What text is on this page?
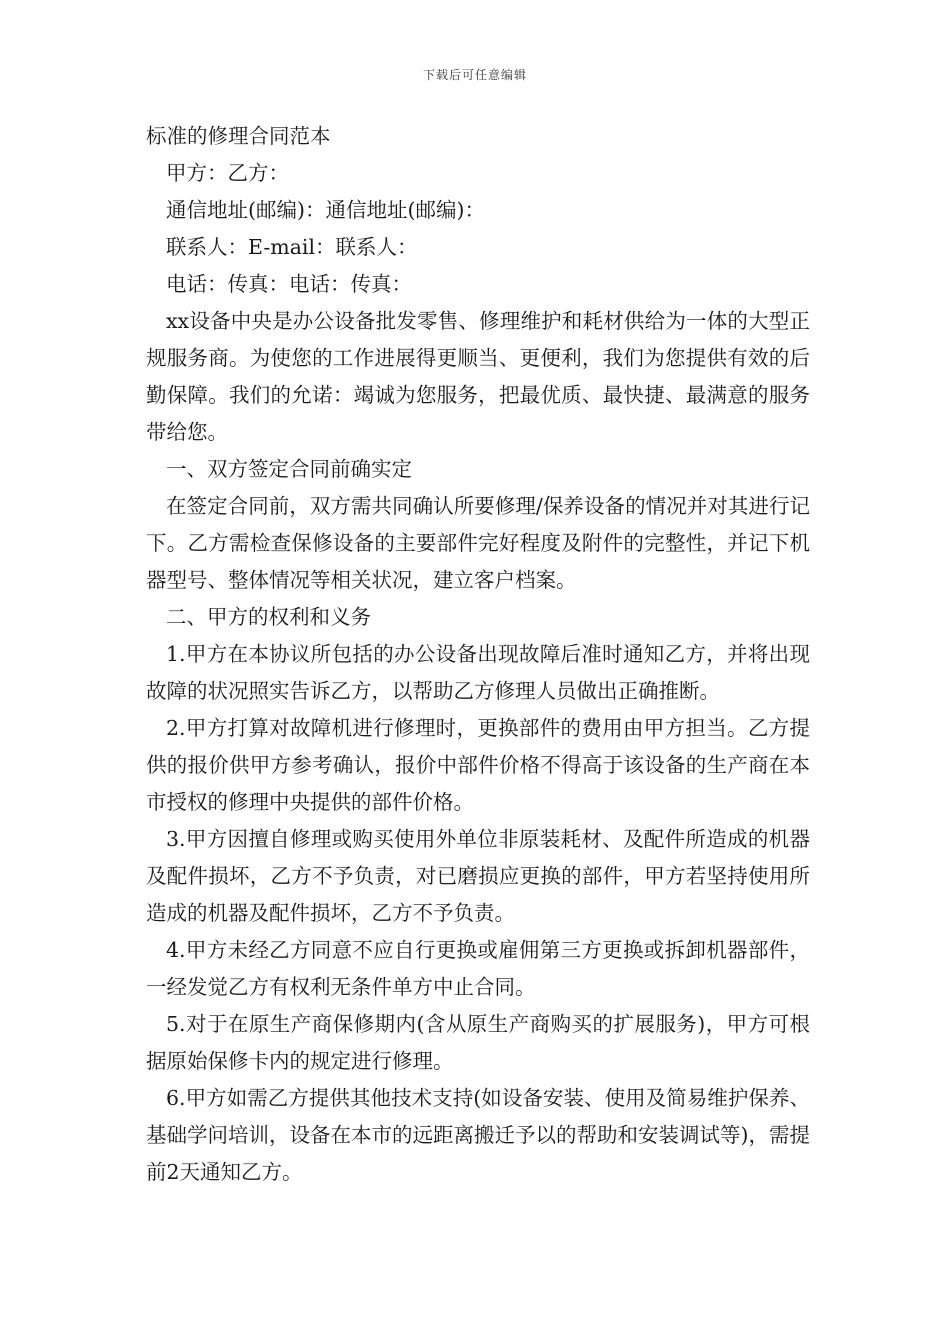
下载后可任意编辑

标准的修理合同范本

甲方：乙方：

通信地址(邮编)：通信地址(邮编)：

联系人：E-mail：联系人：

电话：传真：电话：传真：

xx设备中央是办公设备批发零售、修理维护和耗材供给为一体的大型正规服务商。为使您的工作进展得更顺当、更便利，我们为您提供有效的后勤保障。我们的允诺：竭诚为您服务，把最优质、最快捷、最满意的服务带给您。

一、双方签定合同前确实定

在签定合同前，双方需共同确认所要修理/保养设备的情况并对其进行记下。乙方需检查保修设备的主要部件完好程度及附件的完整性，并记下机器型号、整体情况等相关状况，建立客户档案。

二、甲方的权利和义务

1.甲方在本协议所包括的办公设备出现故障后准时通知乙方，并将出现故障的状况照实告诉乙方，以帮助乙方修理人员做出正确推断。

2.甲方打算对故障机进行修理时，更换部件的费用由甲方担当。乙方提供的报价供甲方参考确认，报价中部件价格不得高于该设备的生产商在本市授权的修理中央提供的部件价格。

3.甲方因擅自修理或购买使用外单位非原装耗材、及配件所造成的机器及配件损坏，乙方不予负责，对已磨损应更换的部件，甲方若坚持使用所造成的机器及配件损坏，乙方不予负责。

4.甲方未经乙方同意不应自行更换或雇佣第三方更换或拆卸机器部件，一经发觉乙方有权利无条件单方中止合同。

5.对于在原生产商保修期内(含从原生产商购买的扩展服务)，甲方可根据原始保修卡内的规定进行修理。

6.甲方如需乙方提供其他技术支持(如设备安装、使用及简易维护保养、基础学问培训，设备在本市的远距离搬迁予以的帮助和安装调试等)，需提前2天通知乙方。
